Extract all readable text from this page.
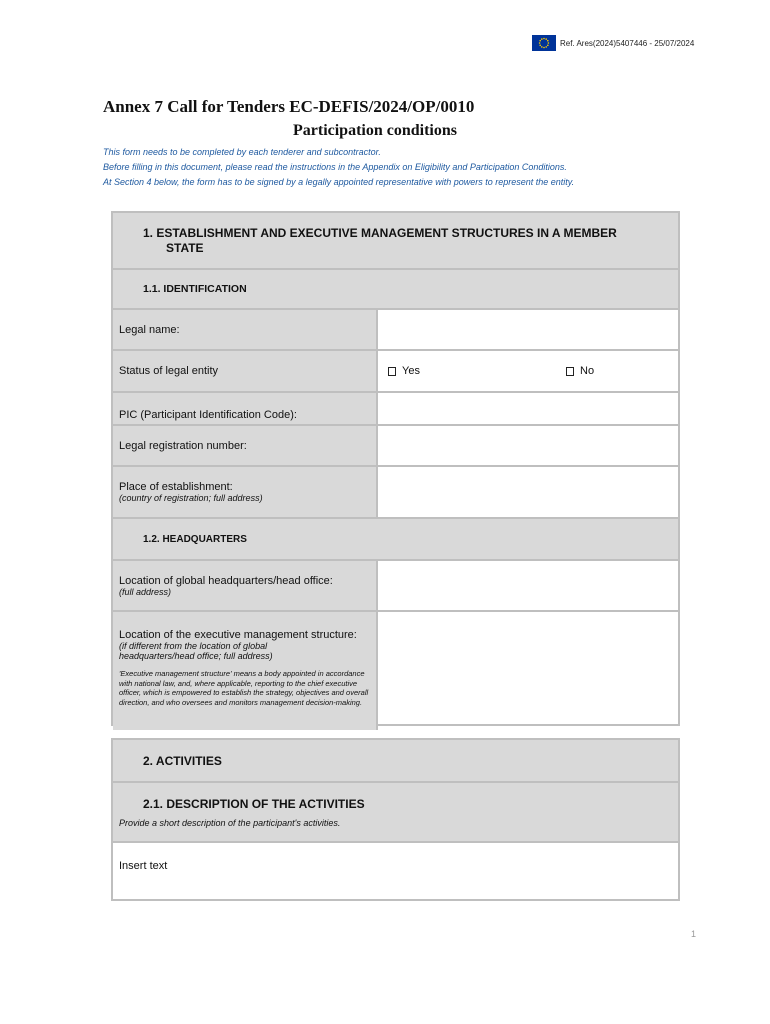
Ref. Ares(2024)5407446 - 25/07/2024
Annex 7 Call for Tenders EC-DEFIS/2024/OP/0010
Participation conditions

This form needs to be completed by each tenderer and subcontractor.

Before filling in this document, please read the instructions in the Appendix on Eligibility and Participation Conditions.

At Section 4 below, the form has to be signed by a legally appointed representative with powers to represent the entity.

1. ESTABLISHMENT AND EXECUTIVE MANAGEMENT STRUCTURES IN A MEMBER
STATE
1.1. IDENTIFICATION
Legal name:
Status of legal entity	Yes	No
PIC (Participant Identification Code):
Legal registration number:
Place of establishment:
(country of registration; full address)
1.2. HEADQUARTERS
Location of global headquarters/head office:
(full address)
Location of the executive management structure:
(if different from the location of global
headquarters/head office; full address)
'Executive management structure' means a body appointed in accordance with national law, and, where applicable, reporting to the chief executive officer, which is empowered to establish the strategy, objectives and overall direction, and who oversees and monitors management decision-making.
2. ACTIVITIES
2.1. DESCRIPTION OF THE ACTIVITIES
Provide a short description of the participant's activities.
Insert text
1
